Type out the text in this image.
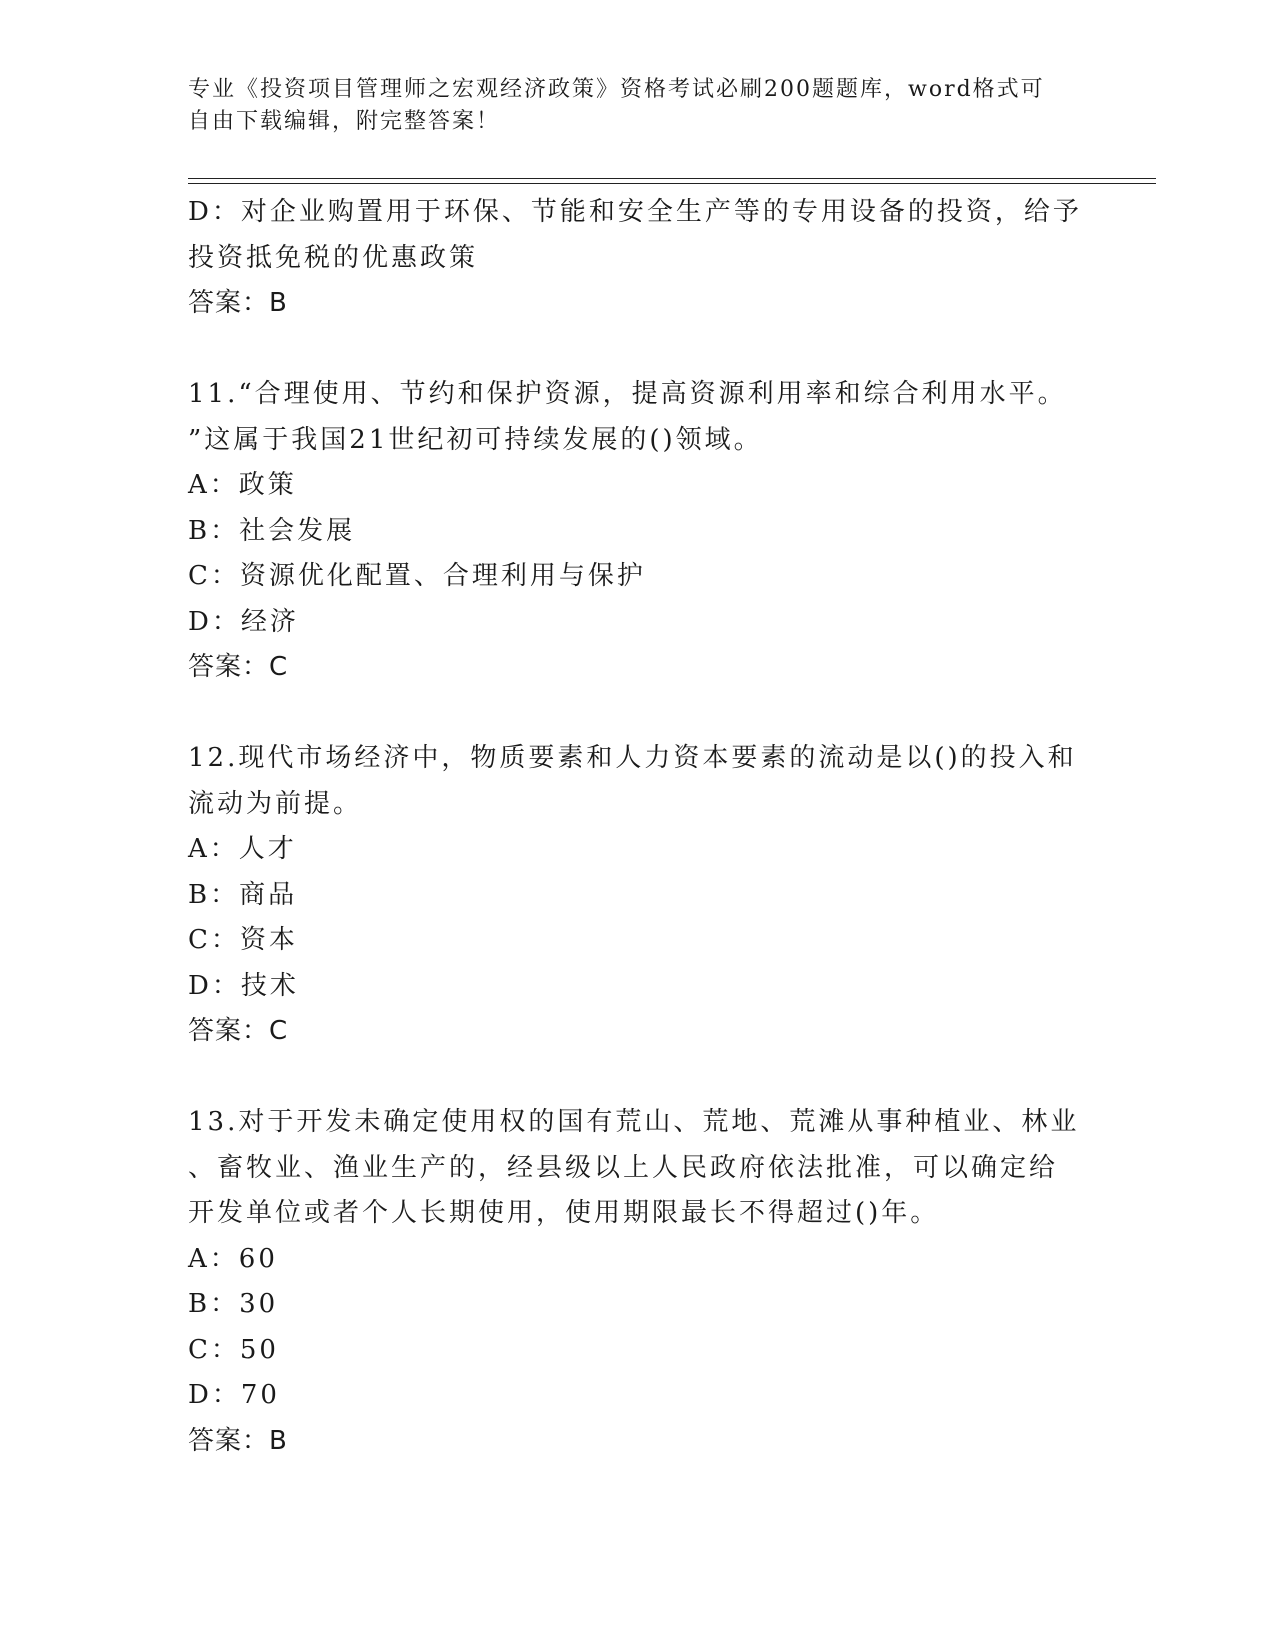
专业《投资项目管理师之宏观经济政策》资格考试必刷200题题库，word格式可
自由下载编辑，附完整答案！

D：对企业购置用于环保、节能和安全生产等的专用设备的投资，给予

投资抵免税的优惠政策

答案：B

11.“合理使用、节约和保护资源，提高资源利用率和综合利用水平。

”这属于我国21世纪初可持续发展的()领域。

A：政策

B：社会发展

C：资源优化配置、合理利用与保护

D：经济

答案：C

12.现代市场经济中，物质要素和人力资本要素的流动是以()的投入和

流动为前提。

A：人才

B：商品

C：资本

D：技术

答案：C

13.对于开发未确定使用权的国有荒山、荒地、荒滩从事种植业、林业

、畜牧业、渔业生产的，经县级以上人民政府依法批准，可以确定给

开发单位或者个人长期使用，使用期限最长不得超过()年。

A：60

B：30

C：50

D：70

答案：B
